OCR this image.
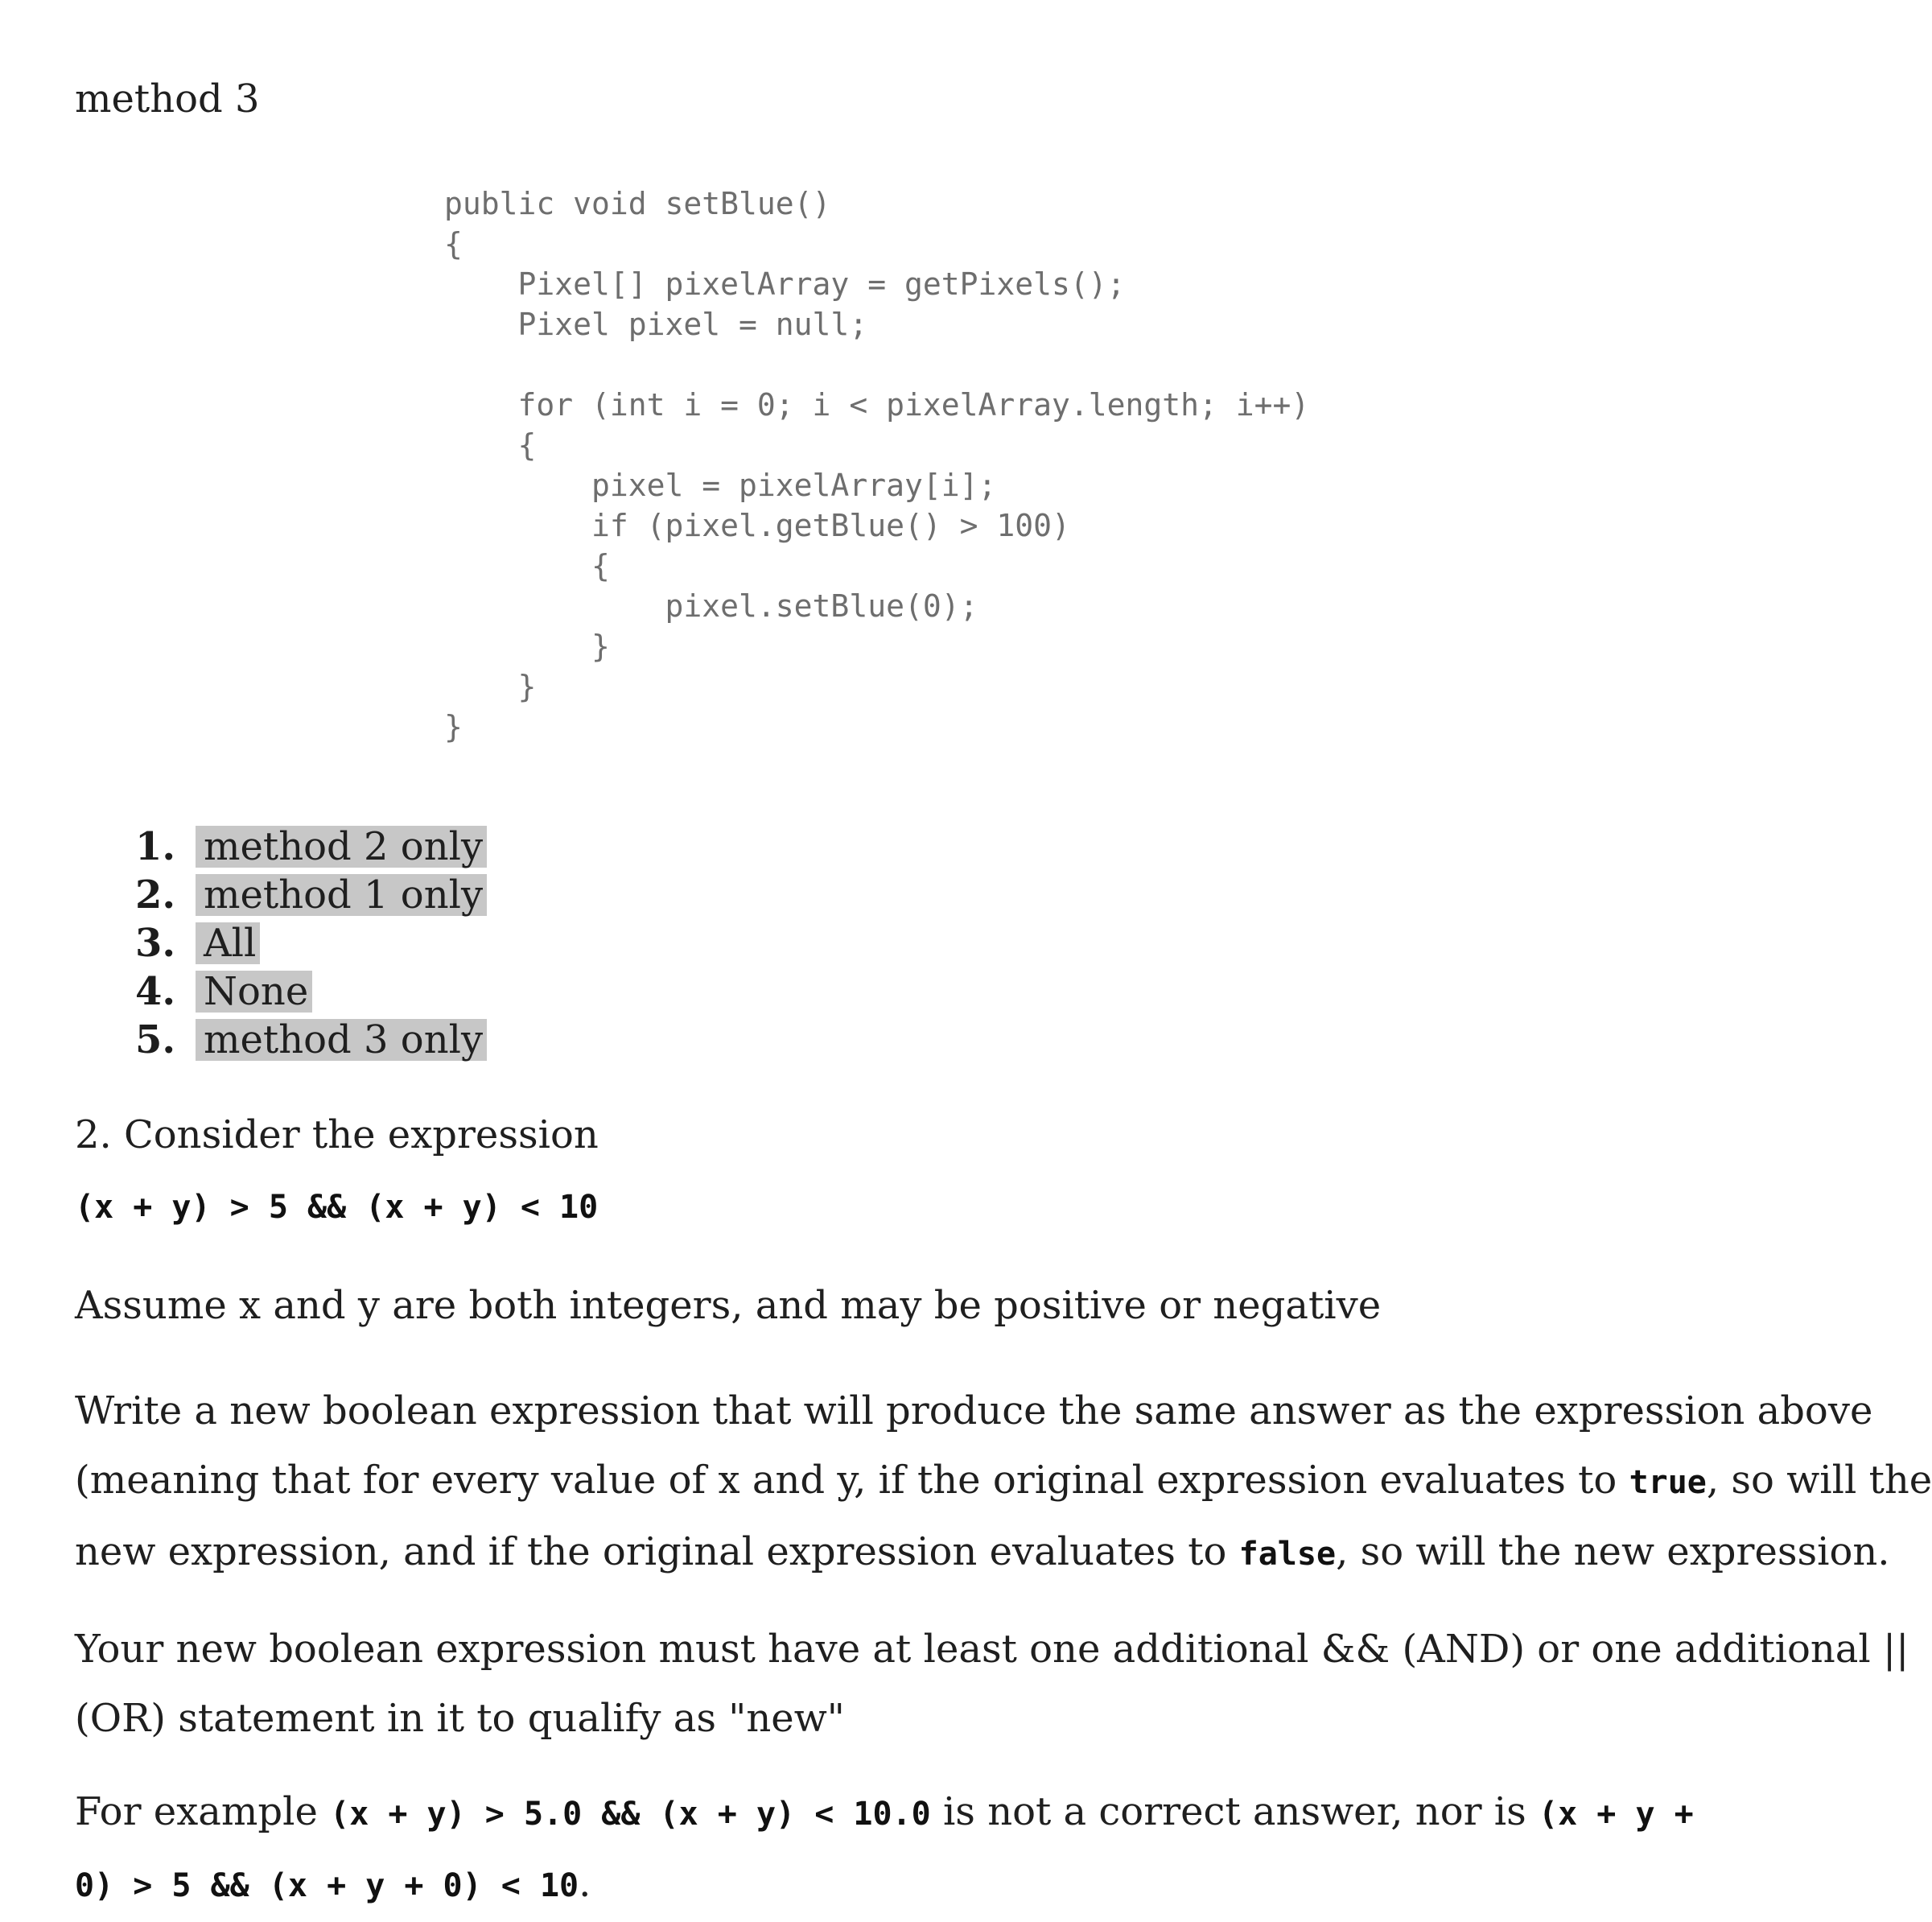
method 3
public void setBlue()
{
Pixel[] pixelArray = getPixels();
Pixel pixel = null;
for (int i = 0; i < pixelArray.length; i++)
{
pixel = pixelArray[i];
if (pixel.getBlue() > 100)
{
pixel.setBlue(0);
}
}
}
1. method 2 only
2. method 1 only
3. All
4. None
5. method 3 only

2. Consider the expression

(x + y) > 5 && (x + y) < 10

Assume x and y are both integers, and may be positive or negative

Write a new boolean expression that will produce the same answer as the expression above
(meaning that for every value of x and y, if the original expression evaluates to true, so will the
new expression, and if the original expression evaluates to false, so will the new expression.

Your new boolean expression must have at least one additional && (AND) or one additional ||
(OR) statement in it to qualify as "new"

For example (x + y) > 5.0 && (x + y) < 10.0 is not a correct answer, nor is (x + y +
0) > 5 && (x + y + 0) < 10.
